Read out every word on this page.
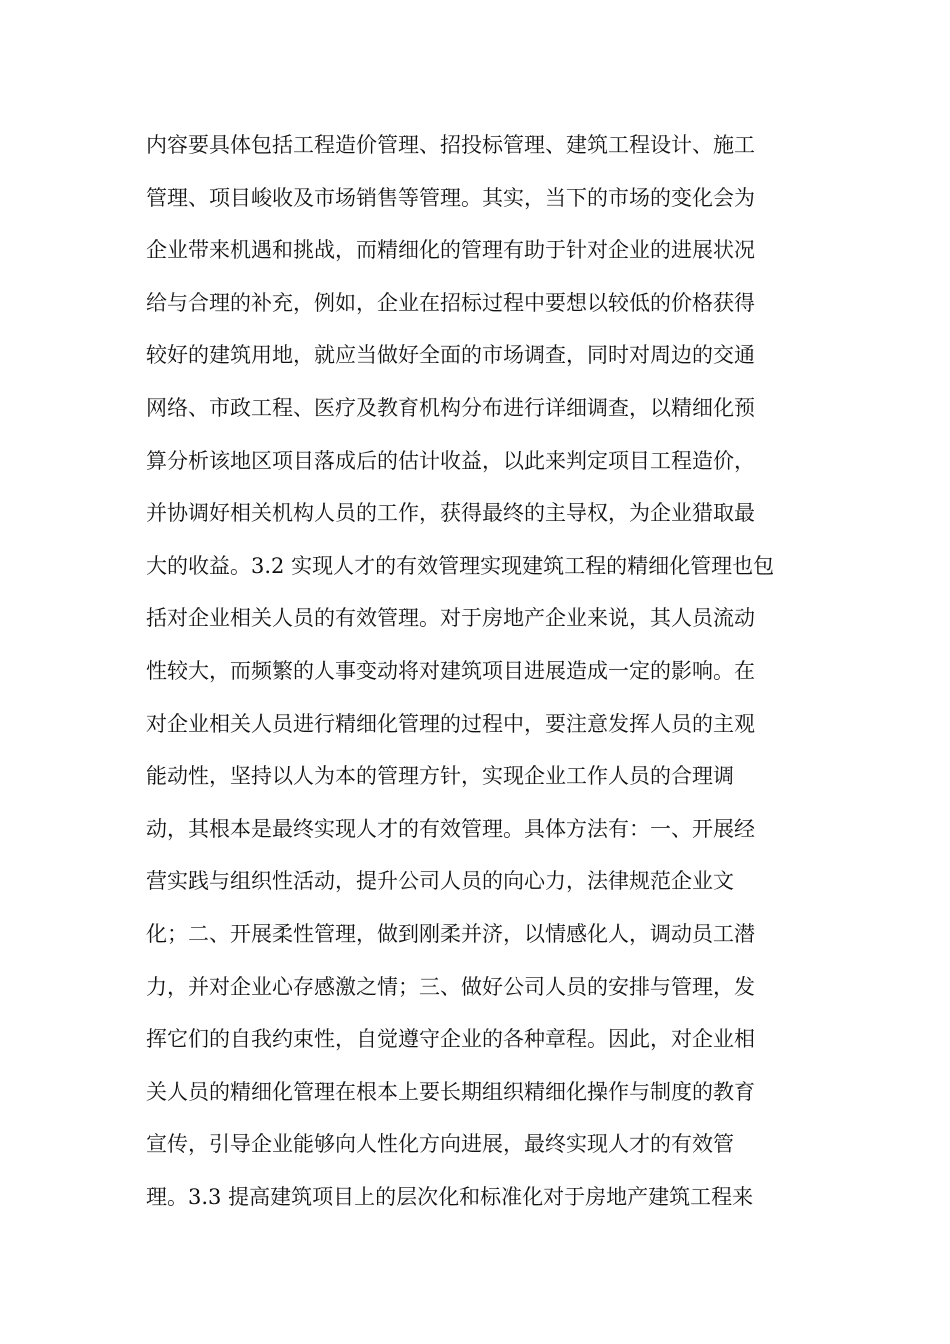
内容要具体包括工程造价管理、招投标管理、建筑工程设计、施工
管理、项目峻收及市场销售等管理。其实，当下的市场的变化会为
企业带来机遇和挑战，而精细化的管理有助于针对企业的进展状况
给与合理的补充，例如，企业在招标过程中要想以较低的价格获得
较好的建筑用地，就应当做好全面的市场调查，同时对周边的交通
网络、市政工程、医疗及教育机构分布进行详细调查，以精细化预
算分析该地区项目落成后的估计收益，以此来判定项目工程造价，
并协调好相关机构人员的工作，获得最终的主导权，为企业猎取最
大的收益。3.2 实现人才的有效管理实现建筑工程的精细化管理也包
括对企业相关人员的有效管理。对于房地产企业来说，其人员流动
性较大，而频繁的人事变动将对建筑项目进展造成一定的影响。在
对企业相关人员进行精细化管理的过程中，要注意发挥人员的主观
能动性，坚持以人为本的管理方针，实现企业工作人员的合理调
动，其根本是最终实现人才的有效管理。具体方法有：一、开展经
营实践与组织性活动，提升公司人员的向心力，法律规范企业文
化；二、开展柔性管理，做到刚柔并济，以情感化人，调动员工潜
力，并对企业心存感激之情；三、做好公司人员的安排与管理，发
挥它们的自我约束性，自觉遵守企业的各种章程。因此，对企业相
关人员的精细化管理在根本上要长期组织精细化操作与制度的教育
宣传，引导企业能够向人性化方向进展，最终实现人才的有效管
理。3.3 提高建筑项目上的层次化和标准化对于房地产建筑工程来
